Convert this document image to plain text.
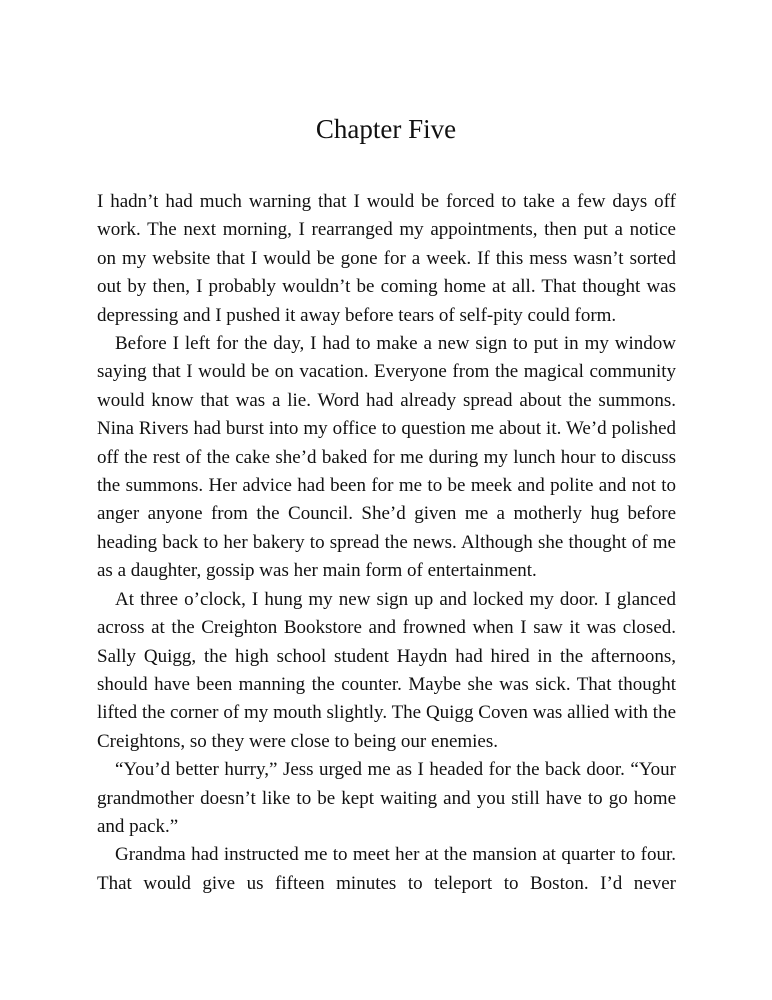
Chapter Five

I hadn’t had much warning that I would be forced to take a few days off work. The next morning, I rearranged my appointments, then put a notice on my website that I would be gone for a week. If this mess wasn’t sorted out by then, I probably wouldn’t be coming home at all. That thought was depressing and I pushed it away before tears of self-pity could form.

Before I left for the day, I had to make a new sign to put in my window saying that I would be on vacation. Everyone from the magical community would know that was a lie. Word had already spread about the summons. Nina Rivers had burst into my office to question me about it. We’d polished off the rest of the cake she’d baked for me during my lunch hour to discuss the summons. Her advice had been for me to be meek and polite and not to anger anyone from the Council. She’d given me a motherly hug before heading back to her bakery to spread the news. Although she thought of me as a daughter, gossip was her main form of entertainment.

At three o’clock, I hung my new sign up and locked my door. I glanced across at the Creighton Bookstore and frowned when I saw it was closed. Sally Quigg, the high school student Haydn had hired in the afternoons, should have been manning the counter. Maybe she was sick. That thought lifted the corner of my mouth slightly. The Quigg Coven was allied with the Creightons, so they were close to being our enemies.

“You’d better hurry,” Jess urged me as I headed for the back door. “Your grandmother doesn’t like to be kept waiting and you still have to go home and pack.”

Grandma had instructed me to meet her at the mansion at quarter to four. That would give us fifteen minutes to teleport to Boston. I’d never
